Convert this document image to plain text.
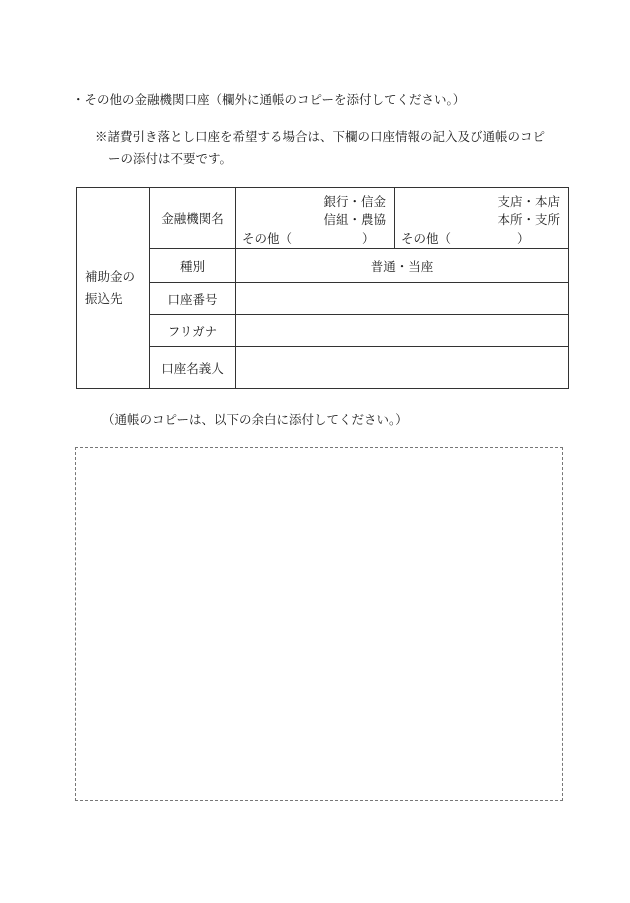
・その他の金融機関口座（欄外に通帳のコピーを添付してください。）
※諸費引き落とし口座を希望する場合は、下欄の口座情報の記入及び通帳のコピ
ーの添付は不要です。
補助金の
振込先	金融機関名	銀行・信金
信組・農協
その他（ ）	支店・本店
本所・支所
その他（ ）

	種別	普通・当座	
	口座番号		
	フリガナ		
	口座名義人		
（通帳のコピーは、以下の余白に添付してください。）
